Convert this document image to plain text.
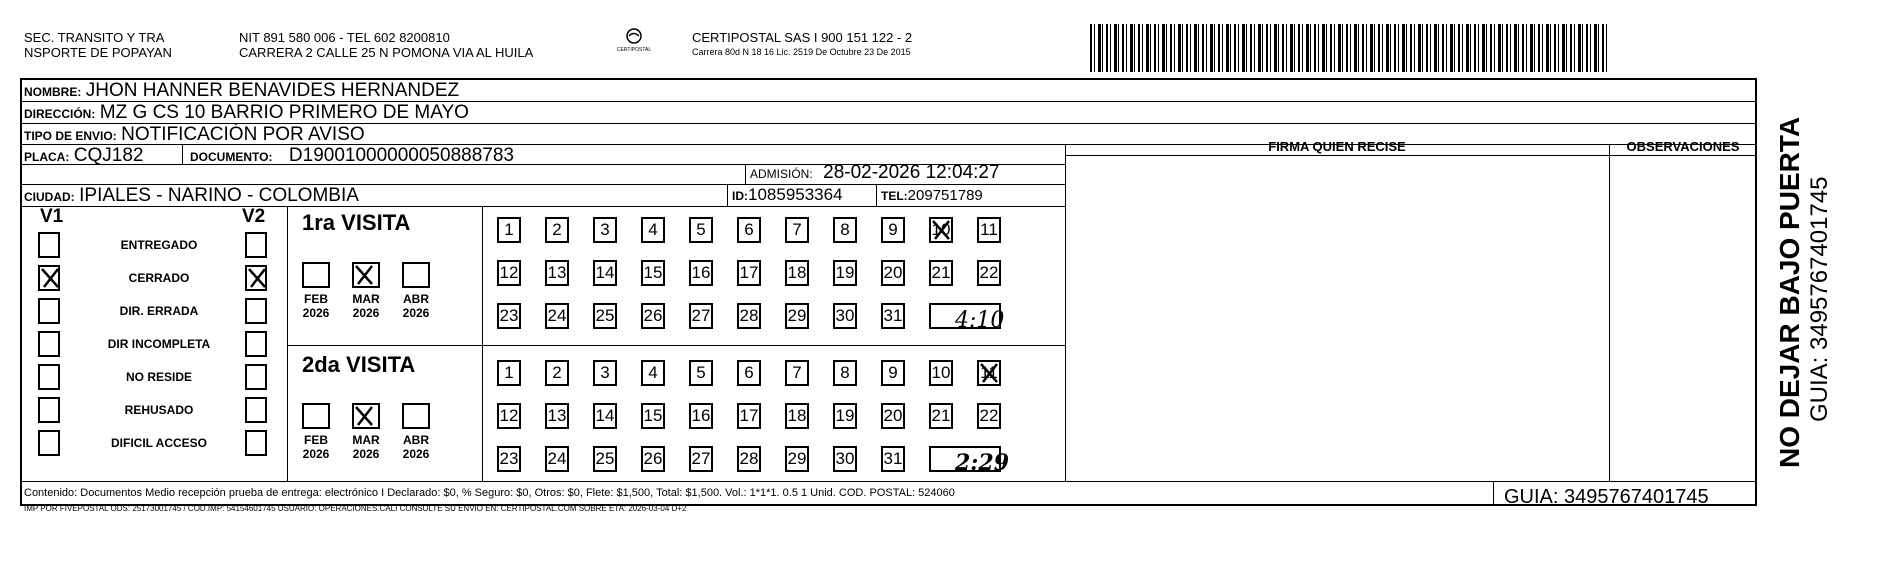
SEC. TRANSITO Y TRA
NSPORTE DE POPAYAN
NIT 891 580 006 - TEL 602 8200810
CARRERA 2 CALLE 25 N POMONA VIA AL HUILA	CERTIPOSTAL
CERTIPOSTAL SAS I 900 151 122 - 2
Carrera 80d N 18 16 Lic. 2519 De Octubre 23 De 2015
NOMBRE: JHON HANNER BENAVIDES HERNANDEZ
DIRECCIÓN: MZ G CS 10 BARRIO PRIMERO DE MAYO
TIPO DE ENVIO: NOTIFICACIÓN POR AVISO
PLACA: CQJ182	DOCUMENTO: D19001000000050888783
ADMISIÓN: 28-02-2026 12:04:27
CIUDAD: IPIALES - NARINO - COLOMBIA	ID:1085953364	TEL:209751789
FIRMA QUIEN RECISE	OBSERVACIONES
V1	V2
ENTREGADO
CERRADO
DIR. ERRADA
DIR INCOMPLETA
NO RESIDE
REHUSADO
DIFICIL ACCESO
1ra VISITA
2da VISITA
FEB
2026
MAR
2026
ABR
2026
FEB
2026
MAR
2026
ABR
2026
1	2	3	4	5	6	7	8	9	10 11
12 13 14 15 16 17 18 19 20 21 22
23 24 25 26 27 28 29 30 31
1	2	3	4	5	6	7	8	9	10 11
12 13 14 15 16 17 18 19 20 21 22
23 24 25 26 27 28 29 30 31
4:10
2:29
Contenido: Documentos Medio recepción prueba de entrega: electrónico I Declarado: $0, % Seguro: $0, Otros: $0, Flete: $1,500, Total: $1,500. Vol.: 1*1*1. 0.5 1 Unid. COD. POSTAL: 524060
IMP POR FIVEPOSTAL ODS: 25173001745 / COD.IMP: 54154601745 USUARIO: OPERACIONES.CALI CONSULTE SU ENVIO EN: CERTIPOSTAL.COM SOBRE ETA: 2026-03-04 D+2
GUIA: 3495767401745
NO DEJAR BAJO PUERTA GUIA: 3495767401745
